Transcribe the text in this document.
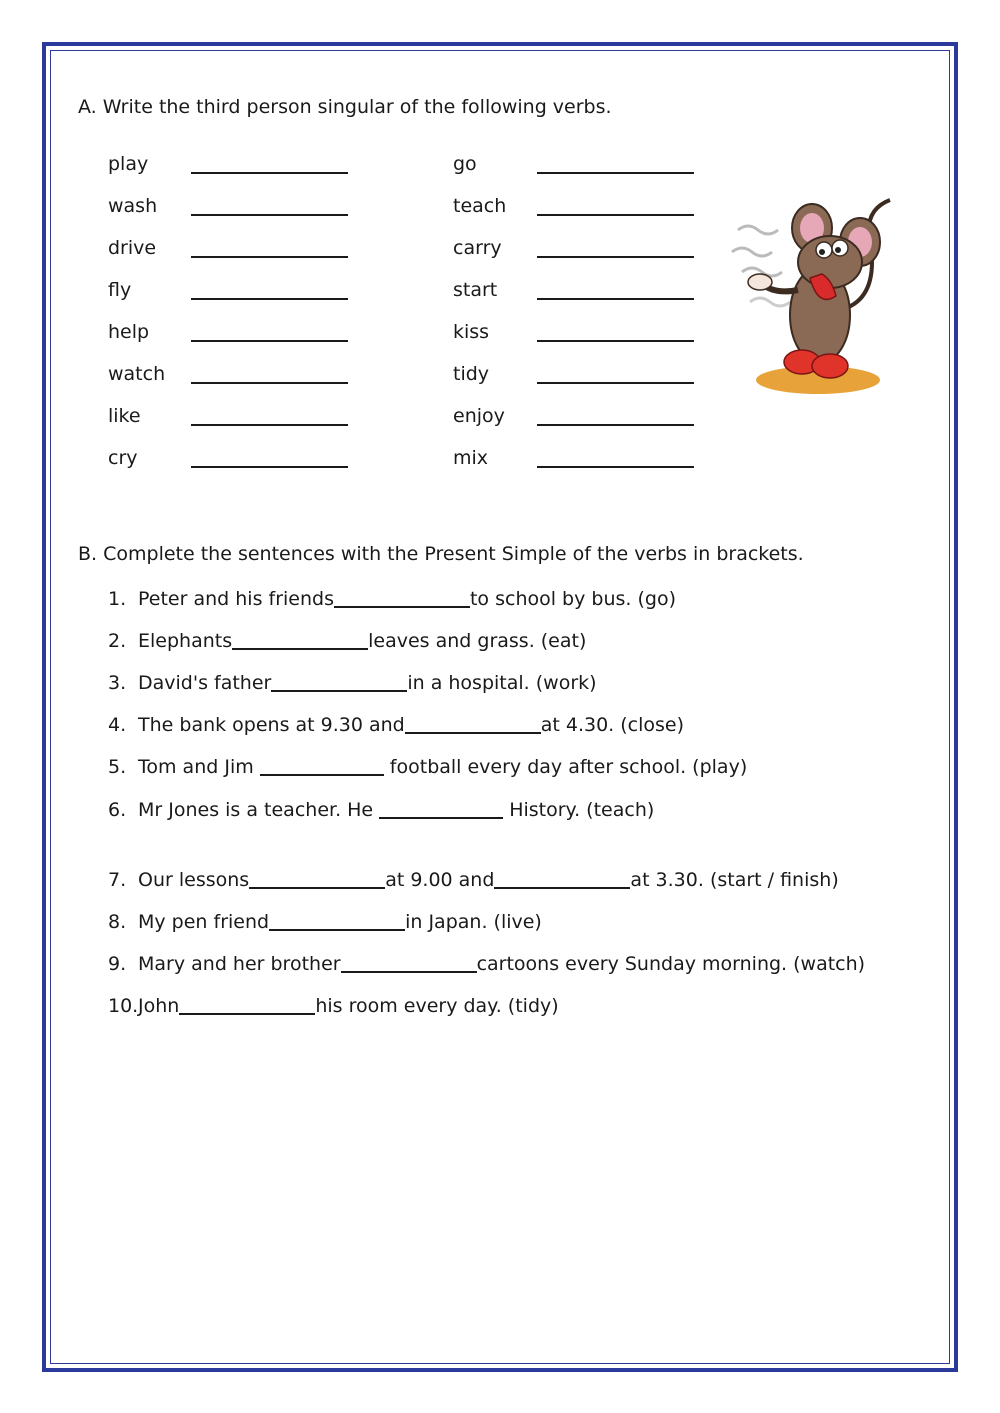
A. Write the third person singular of the following verbs.
play
wash
drive
fly
help
watch
like
cry
go
teach
carry
start
kiss
tidy
enjoy
mix
B. Complete the sentences with the Present Simple of the verbs in brackets.
1. Peter and his friends	to school by bus. (go)
2. Elephants	leaves and grass. (eat)
3. David's father	in a hospital. (work)
4. The bank opens at 9.30 and	at 4.30. (close)
5. Tom and Jim	football every day after school. (play)
6. Mr Jones is a teacher. He	History. (teach)
7. Our lessons	at 9.00 and	at 3.30. (start / finish)
8. My pen friend	in Japan. (live)
9. Mary and her brother	cartoons every Sunday morning. (watch)
10. John	his room every day. (tidy)
